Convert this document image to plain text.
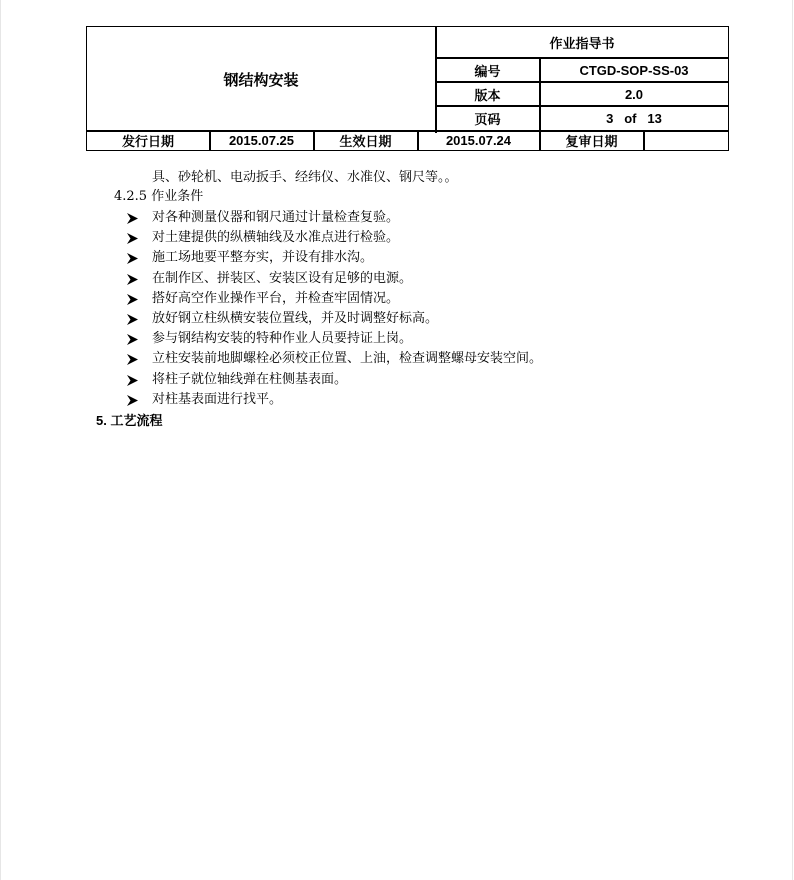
钢结构安装
作业指导书
编号	CTGD-SOP-SS-03
版本	2.0
页码	3   of   13
发行日期	2015.07.25	生效日期	2015.07.24	复审日期
具、砂轮机、电动扳手、经纬仪、水准仪、钢尺等。。
4.2.5 作业条件
对各种测量仪器和钢尺通过计量检查复验。
对土建提供的纵横轴线及水准点进行检验。
施工场地要平整夯实，并设有排水沟。
在制作区、拼装区、安装区设有足够的电源。
搭好高空作业操作平台，并检查牢固情况。
放好钢立柱纵横安装位置线，并及时调整好标高。
参与钢结构安装的特种作业人员要持证上岗。
立柱安装前地脚螺栓必须校正位置、上油，检查调整螺母安装空间。
将柱子就位轴线弹在柱侧基表面。
对柱基表面进行找平。
5. 工艺流程
